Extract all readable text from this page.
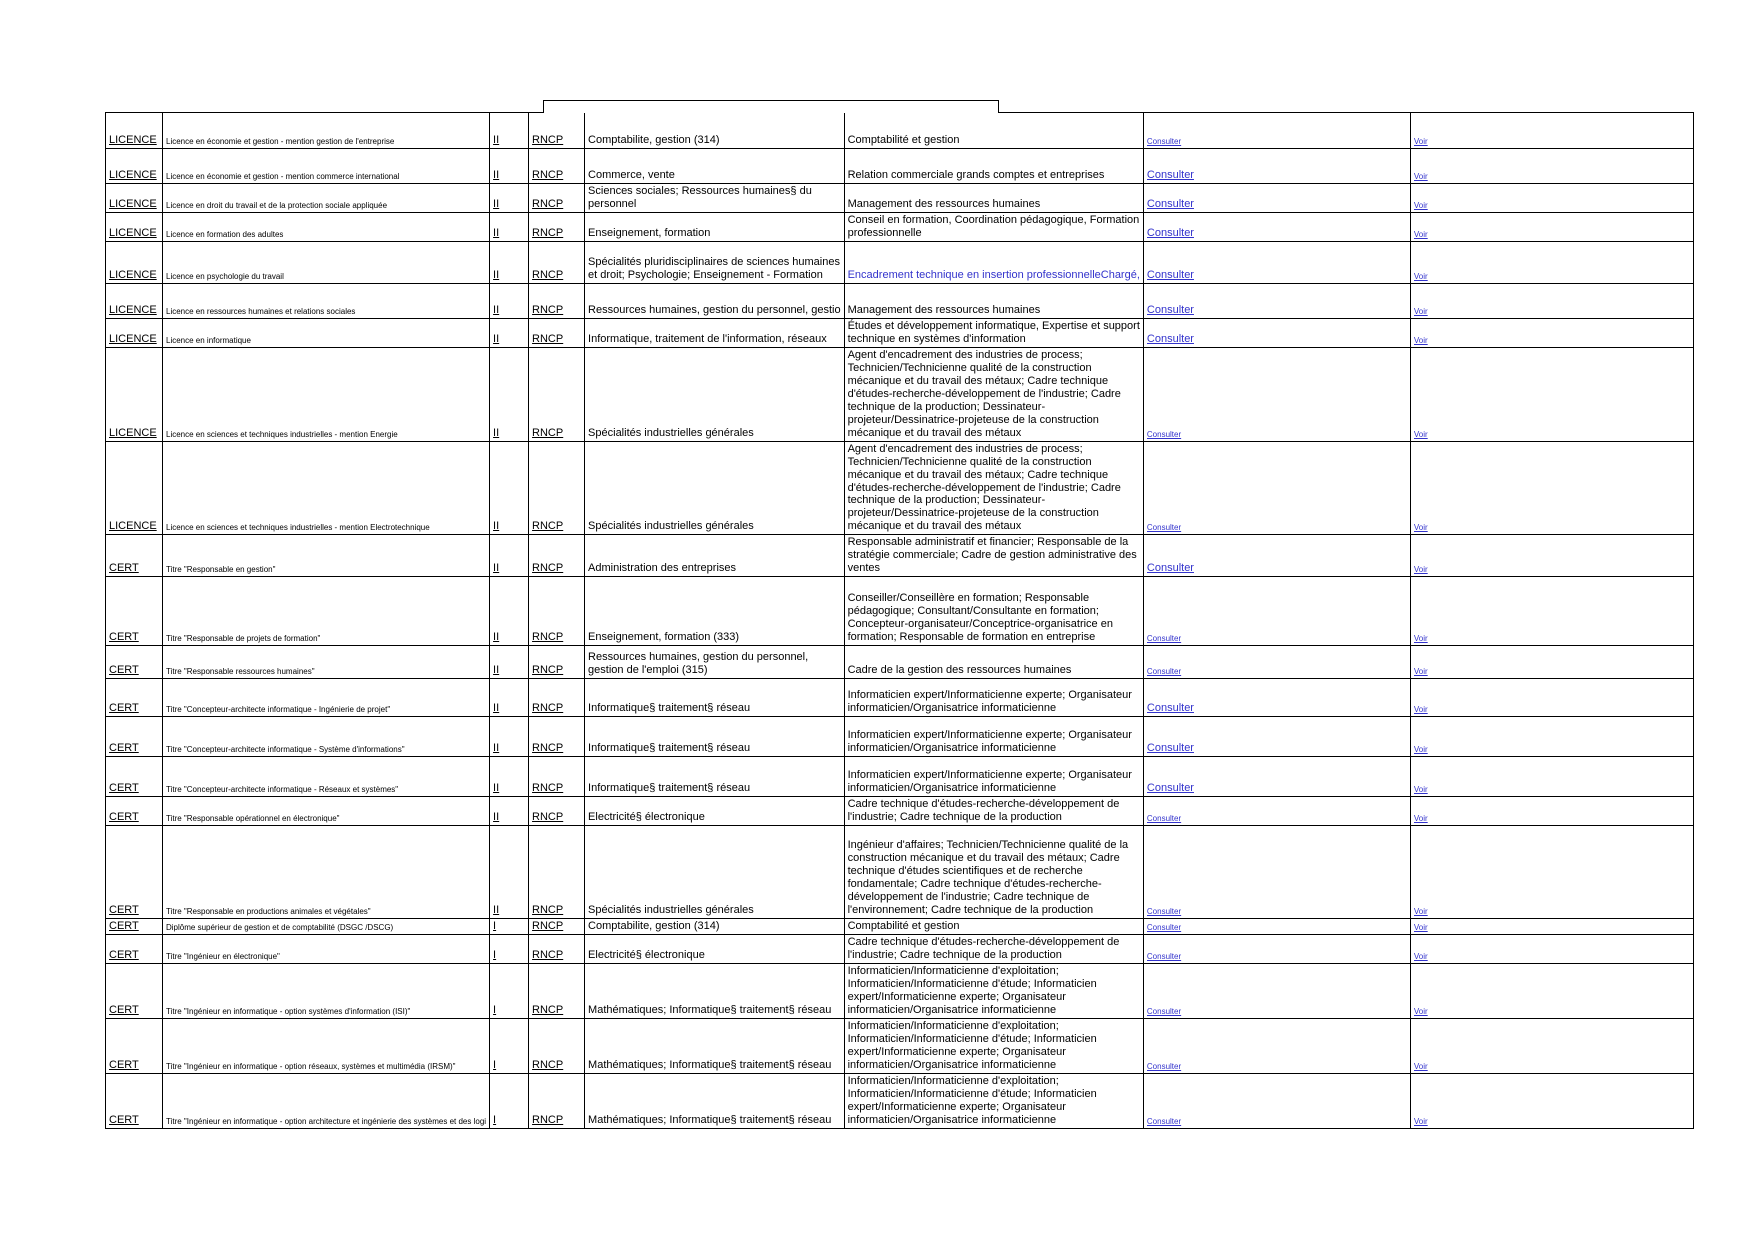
LICENCE	Licence en économie et gestion - mention gestion de l'entreprise	II	RNCP	Comptabilite, gestion (314)	Comptabilité et gestion	Consulter	Voir

LICENCE	Licence en économie et gestion - mention commerce international	II	RNCP	Commerce, vente	Relation commerciale grands comptes et entreprises	Consulter	Voir

LICENCE	Licence en droit du travail et de la protection sociale appliquée	II	RNCP	Sciences sociales; Ressources humaines§ du personnel	Management des ressources humaines	Consulter	Voir

LICENCE	Licence en formation des adultes	II	RNCP	Enseignement, formation	Conseil en formation, Coordination pédagogique, Formation professionnelle	Consulter	Voir

LICENCE	Licence en psychologie du travail	II	RNCP	Spécialités pluridisciplinaires de sciences humaines et droit; Psychologie; Enseignement - Formation	Encadrement technique en insertion professionnelleChargé,	Consulter	Voir

LICENCE	Licence en ressources humaines et relations sociales	II	RNCP	Ressources humaines, gestion du personnel, gestio	Management des ressources humaines	Consulter	Voir

LICENCE	Licence en informatique	II	RNCP	Informatique, traitement de l'information, réseaux	Études et développement informatique, Expertise et support technique en systèmes d'information	Consulter	Voir

LICENCE	Licence en sciences et techniques industrielles - mention Energie	II	RNCP	Spécialités industrielles générales	Agent d'encadrement des industries de process; Technicien/Technicienne qualité de la construction mécanique et du travail des métaux; Cadre technique d'études-recherche-développement de l'industrie; Cadre technique de la production; Dessinateur-projeteur/Dessinatrice-projeteuse de la construction mécanique et du travail des métaux	Consulter	Voir

LICENCE	Licence en sciences et techniques industrielles - mention Electrotechnique	II	RNCP	Spécialités industrielles générales	Agent d'encadrement des industries de process; Technicien/Technicienne qualité de la construction mécanique et du travail des métaux; Cadre technique d'études-recherche-développement de l'industrie; Cadre technique de la production; Dessinateur-projeteur/Dessinatrice-projeteuse de la construction mécanique et du travail des métaux	Consulter	Voir

CERT	Titre "Responsable en gestion"	II	RNCP	Administration des entreprises	Responsable administratif et financier; Responsable de la stratégie commerciale; Cadre de gestion administrative des ventes	Consulter	Voir

CERT	Titre "Responsable de projets de formation"	II	RNCP	Enseignement, formation (333)	Conseiller/Conseillère en formation; Responsable pédagogique; Consultant/Consultante en formation; Concepteur-organisateur/Conceptrice-organisatrice en formation; Responsable de formation en entreprise	Consulter	Voir

CERT	Titre "Responsable ressources humaines"	II	RNCP	Ressources humaines, gestion du personnel, gestion de l'emploi (315)	Cadre de la gestion des ressources humaines	Consulter	Voir

CERT	Titre "Concepteur-architecte informatique - Ingénierie de projet"	II	RNCP	Informatique§ traitement§ réseau	Informaticien expert/Informaticienne experte; Organisateur informaticien/Organisatrice informaticienne	Consulter	Voir

CERT	Titre "Concepteur-architecte informatique - Système d'informations"	II	RNCP	Informatique§ traitement§ réseau	Informaticien expert/Informaticienne experte; Organisateur informaticien/Organisatrice informaticienne	Consulter	Voir

CERT	Titre "Concepteur-architecte informatique - Réseaux et systèmes"	II	RNCP	Informatique§ traitement§ réseau	Informaticien expert/Informaticienne experte; Organisateur informaticien/Organisatrice informaticienne	Consulter	Voir

CERT	Titre "Responsable opérationnel en électronique"	II	RNCP	Electricité§ électronique	Cadre technique d'études-recherche-développement de l'industrie; Cadre technique de la production	Consulter	Voir

CERT	Titre "Responsable en productions animales et végétales"	II	RNCP	Spécialités industrielles générales	Ingénieur d'affaires; Technicien/Technicienne qualité de la construction mécanique et du travail des métaux; Cadre technique d'études scientifiques et de recherche fondamentale; Cadre technique d'études-recherche-développement de l'industrie; Cadre technique de l'environnement; Cadre technique de la production	Consulter	Voir

CERT	Diplôme supérieur de gestion et de comptabilité (DSGC /DSCG)	I	RNCP	Comptabilite, gestion (314)	Comptabilité et gestion	Consulter	Voir

CERT	Titre "Ingénieur en électronique"	I	RNCP	Electricité§ électronique	Cadre technique d'études-recherche-développement de l'industrie; Cadre technique de la production	Consulter	Voir

CERT	Titre "Ingénieur en informatique - option systèmes d'information (ISI)"	I	RNCP	Mathématiques; Informatique§ traitement§ réseau	Informaticien/Informaticienne d'exploitation; Informaticien/Informaticienne d'étude; Informaticien expert/Informaticienne experte; Organisateur informaticien/Organisatrice informaticienne	Consulter	Voir

CERT	Titre "Ingénieur en informatique - option réseaux, systèmes et multimédia (IRSM)"	I	RNCP	Mathématiques; Informatique§ traitement§ réseau	Informaticien/Informaticienne d'exploitation; Informaticien/Informaticienne d'étude; Informaticien expert/Informaticienne experte; Organisateur informaticien/Organisatrice informaticienne	Consulter	Voir

CERT	Titre "Ingénieur en informatique - option architecture et ingénierie des systèmes et des logi	I	RNCP	Mathématiques; Informatique§ traitement§ réseau	Informaticien/Informaticienne d'exploitation; Informaticien/Informaticienne d'étude; Informaticien expert/Informaticienne experte; Organisateur informaticien/Organisatrice informaticienne	Consulter	Voir
